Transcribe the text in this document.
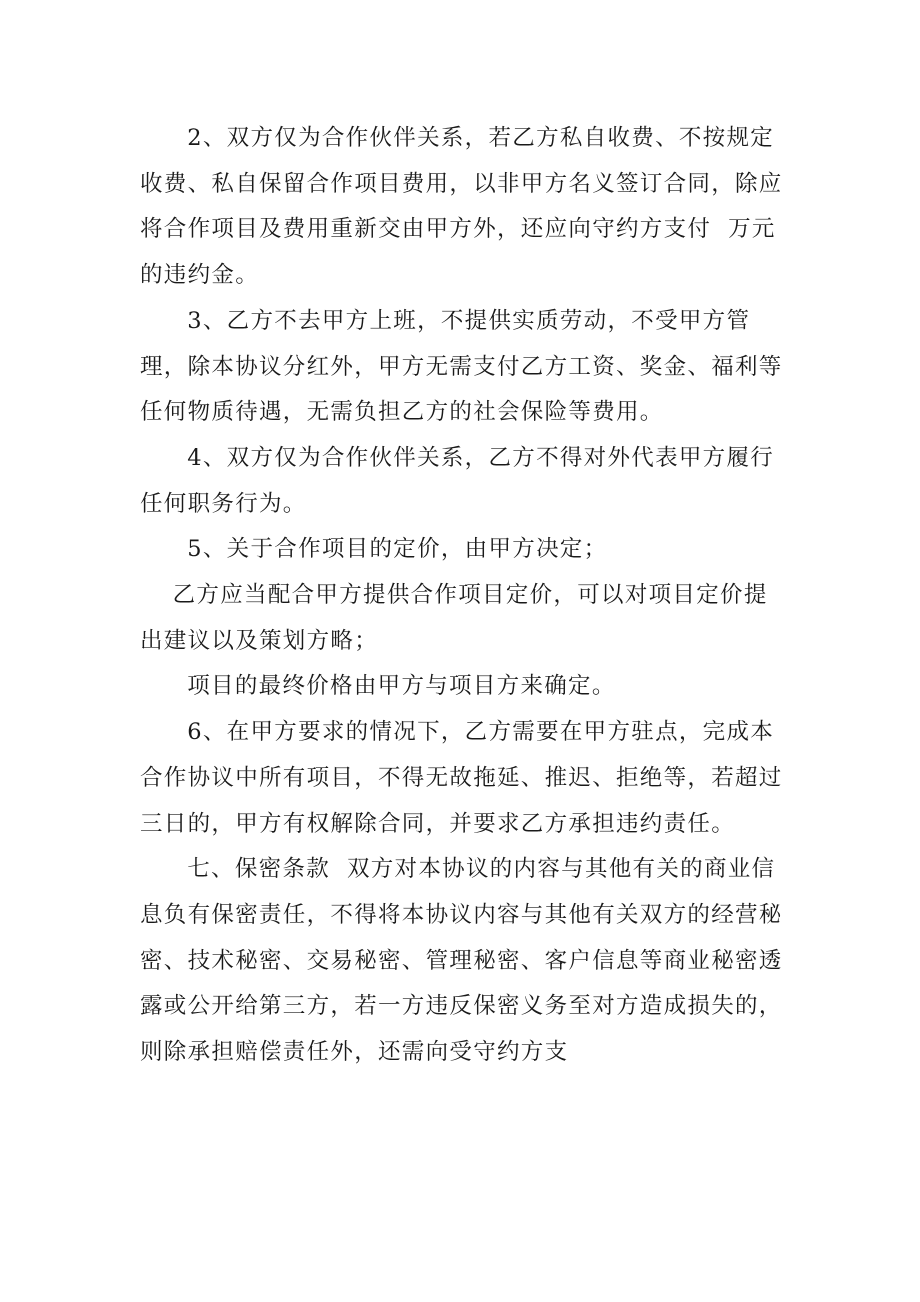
2、双方仅为合作伙伴关系，若乙方私自收费、不按规定收费、私自保留合作项目费用，以非甲方名义签订合同，除应将合作项目及费用重新交由甲方外，还应向守约方支付  万元的违约金。

3、乙方不去甲方上班，不提供实质劳动，不受甲方管理，除本协议分红外，甲方无需支付乙方工资、奖金、福利等任何物质待遇，无需负担乙方的社会保险等费用。

4、双方仅为合作伙伴关系，乙方不得对外代表甲方履行任何职务行为。

5、关于合作项目的定价，由甲方决定；

乙方应当配合甲方提供合作项目定价，可以对项目定价提出建议以及策划方略；

项目的最终价格由甲方与项目方来确定。

6、在甲方要求的情况下，乙方需要在甲方驻点，完成本合作协议中所有项目，不得无故拖延、推迟、拒绝等，若超过三日的，甲方有权解除合同，并要求乙方承担违约责任。

七、保密条款  双方对本协议的内容与其他有关的商业信息负有保密责任，不得将本协议内容与其他有关双方的经营秘密、技术秘密、交易秘密、管理秘密、客户信息等商业秘密透露或公开给第三方，若一方违反保密义务至对方造成损失的，则除承担赔偿责任外，还需向受守约方支
